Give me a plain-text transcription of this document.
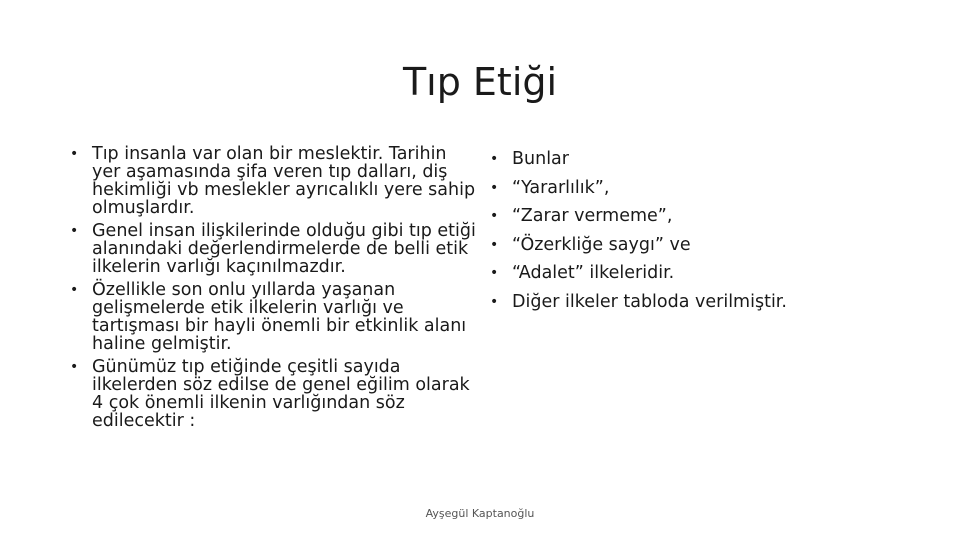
Tıp Etiği
• Tıp insanla var olan bir meslektir. Tarihin yer aşamasında şifa veren tıp dalları, diş hekimliği vb meslekler ayrıcalıklı yere sahip olmuşlardır.
• Genel insan ilişkilerinde olduğu gibi tıp etiği alanındaki değerlendirmelerde de belli etik ilkelerin varlığı kaçınılmazdır.
• Özellikle son onlu yıllarda yaşanan gelişmelerde etik ilkelerin varlığı ve tartışması bir hayli önemli bir etkinlik alanı haline gelmiştir.
• Günümüz tıp etiğinde çeşitli sayıda ilkelerden söz edilse de genel eğilim olarak 4 çok önemli ilkenin varlığından söz edilecektir :
• Bunlar
• “Yararlılık”,
• “Zarar vermeme”,
• “Özerkliğe saygı” ve
• “Adalet” ilkeleridir.
• Diğer ilkeler tabloda verilmiştir.
Ayşegül Kaptanoğlu
